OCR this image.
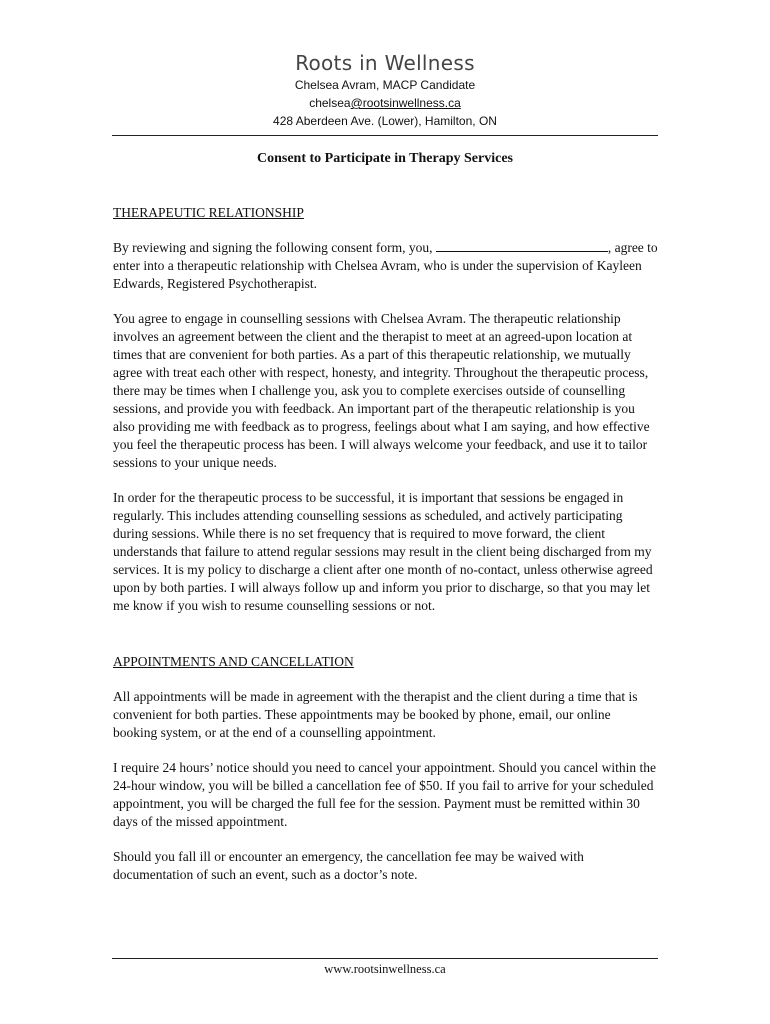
Roots in Wellness

Chelsea Avram, MACP Candidate

chelsea@rootsinwellness.ca

428 Aberdeen Ave. (Lower), Hamilton, ON

Consent to Participate in Therapy Services

THERAPEUTIC RELATIONSHIP

By reviewing and signing the following consent form, you,	, agree to enter into a therapeutic relationship with Chelsea Avram, who is under the supervision of Kayleen Edwards, Registered Psychotherapist.

You agree to engage in counselling sessions with Chelsea Avram. The therapeutic relationship involves an agreement between the client and the therapist to meet at an agreed-upon location at times that are convenient for both parties. As a part of this therapeutic relationship, we mutually agree with treat each other with respect, honesty, and integrity. Throughout the therapeutic process, there may be times when I challenge you, ask you to complete exercises outside of counselling sessions, and provide you with feedback. An important part of the therapeutic relationship is you also providing me with feedback as to progress, feelings about what I am saying, and how effective you feel the therapeutic process has been. I will always welcome your feedback, and use it to tailor sessions to your unique needs.

In order for the therapeutic process to be successful, it is important that sessions be engaged in regularly. This includes attending counselling sessions as scheduled, and actively participating during sessions. While there is no set frequency that is required to move forward, the client understands that failure to attend regular sessions may result in the client being discharged from my services. It is my policy to discharge a client after one month of no-contact, unless otherwise agreed upon by both parties. I will always follow up and inform you prior to discharge, so that you may let me know if you wish to resume counselling sessions or not.

APPOINTMENTS AND CANCELLATION

All appointments will be made in agreement with the therapist and the client during a time that is convenient for both parties. These appointments may be booked by phone, email, our online booking system, or at the end of a counselling appointment.

I require 24 hours’ notice should you need to cancel your appointment. Should you cancel within the 24-hour window, you will be billed a cancellation fee of $50. If you fail to arrive for your scheduled appointment, you will be charged the full fee for the session. Payment must be remitted within 30 days of the missed appointment.

Should you fall ill or encounter an emergency, the cancellation fee may be waived with documentation of such an event, such as a doctor’s note.

www.rootsinwellness.ca
